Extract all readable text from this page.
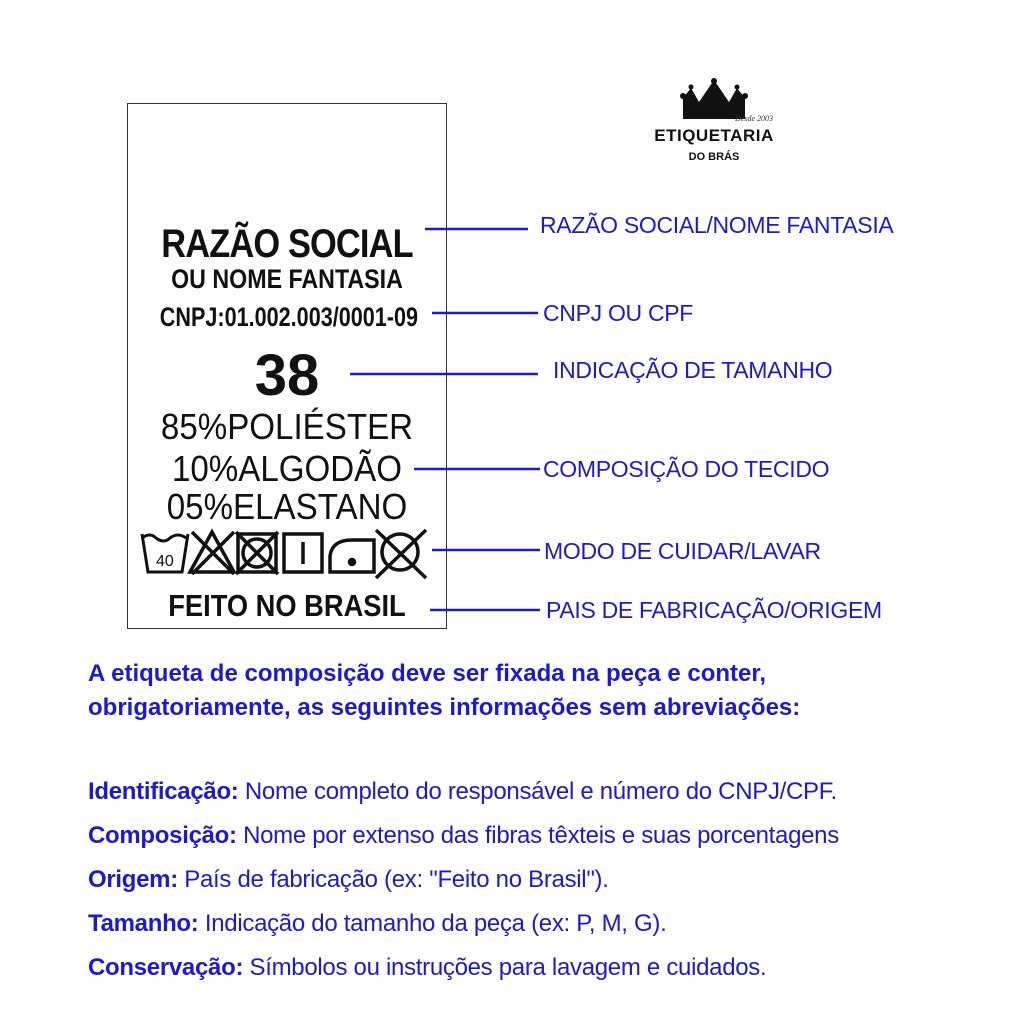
Desde 2003
ETIQUETARIA
DO BRÁS
RAZÃO SOCIAL
OU NOME FANTASIA
CNPJ:01.002.003/0001-09
38
85%POLIÉSTER
10%ALGODÃO
05%ELASTANO
40
FEITO NO BRASIL
RAZÃO SOCIAL/NOME FANTASIA
CNPJ OU CPF
INDICAÇÃO DE TAMANHO
COMPOSIÇÃO DO TECIDO
MODO DE CUIDAR/LAVAR
PAIS DE FABRICAÇÃO/ORIGEM
A etiqueta de composição deve ser fixada na peça e conter, obrigatoriamente, as seguintes informações sem abreviações:
Identificação: Nome completo do responsável e número do CNPJ/CPF.
Composição: Nome por extenso das fibras têxteis e suas porcentagens
Origem: País de fabricação (ex: "Feito no Brasil").
Tamanho: Indicação do tamanho da peça (ex: P, M, G).
Conservação: Símbolos ou instruções para lavagem e cuidados.
